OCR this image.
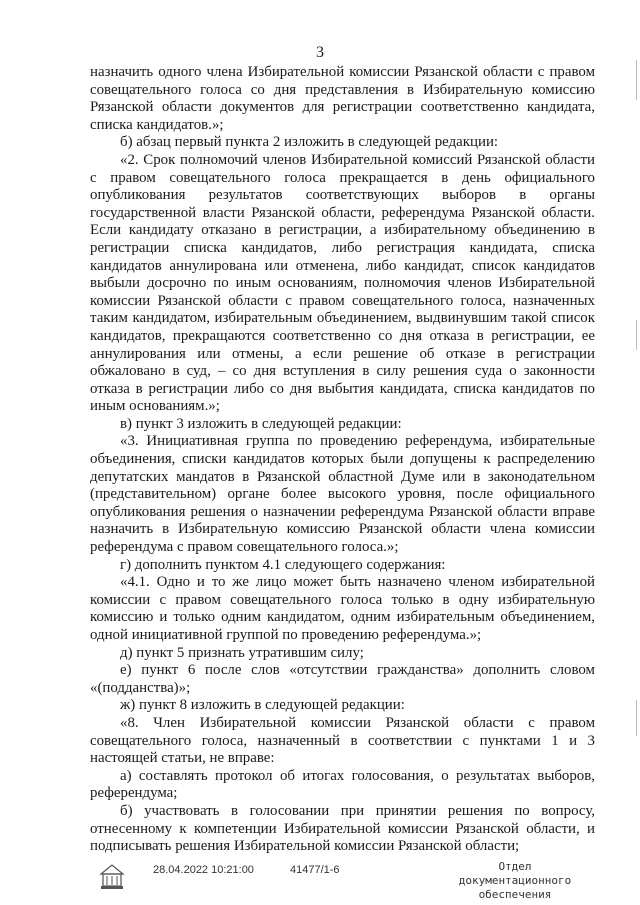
3

назначить одного члена Избирательной комиссии Рязанской области с правом совещательного голоса со дня представления в Избирательную комиссию Рязанской области документов для регистрации соответственно кандидата, списка кандидатов.»;

б) абзац первый пункта 2 изложить в следующей редакции:

«2. Срок полномочий членов Избирательной комиссий Рязанской области с правом совещательного голоса прекращается в день официального опубликования результатов соответствующих выборов в органы государственной власти Рязанской области, референдума Рязанской области. Если кандидату отказано в регистрации, а избирательному объединению в регистрации списка кандидатов, либо регистрация кандидата, списка кандидатов аннулирована или отменена, либо кандидат, список кандидатов выбыли досрочно по иным основаниям, полномочия членов Избирательной комиссии Рязанской области с правом совещательного голоса, назначенных таким кандидатом, избирательным объединением, выдвинувшим такой список кандидатов, прекращаются соответственно со дня отказа в регистрации, ее аннулирования или отмены, а если решение об отказе в регистрации обжаловано в суд, – со дня вступления в силу решения суда о законности отказа в регистрации либо со дня выбытия кандидата, списка кандидатов по иным основаниям.»;

в) пункт 3 изложить в следующей редакции:

«3. Инициативная группа по проведению референдума, избирательные объединения, списки кандидатов которых были допущены к распределению депутатских мандатов в Рязанской областной Думе или в законодательном (представительном) органе более высокого уровня, после официального опубликования решения о назначении референдума Рязанской области вправе назначить в Избирательную комиссию Рязанской области члена комиссии референдума с правом совещательного голоса.»;

г) дополнить пунктом 4.1 следующего содержания:

«4.1. Одно и то же лицо может быть назначено членом избирательной комиссии с правом совещательного голоса только в одну избирательную комиссию и только одним кандидатом, одним избирательным объединением, одной инициативной группой по проведению референдума.»;

д) пункт 5 признать утратившим силу;

е) пункт 6 после слов «отсутствии гражданства» дополнить словом «(подданства)»;

ж) пункт 8 изложить в следующей редакции:

«8. Член Избирательной комиссии Рязанской области с правом совещательного голоса, назначенный в соответствии с пунктами 1 и 3 настоящей статьи, не вправе:

а) составлять протокол об итогах голосования, о результатах выборов, референдума;

б) участвовать в голосовании при принятии решения по вопросу, отнесенному к компетенции Избирательной комиссии Рязанской области, и подписывать решения Избирательной комиссии Рязанской области;

28.04.2022 10:21:00	41477/1-6	Отдел документационного
обеспечения
